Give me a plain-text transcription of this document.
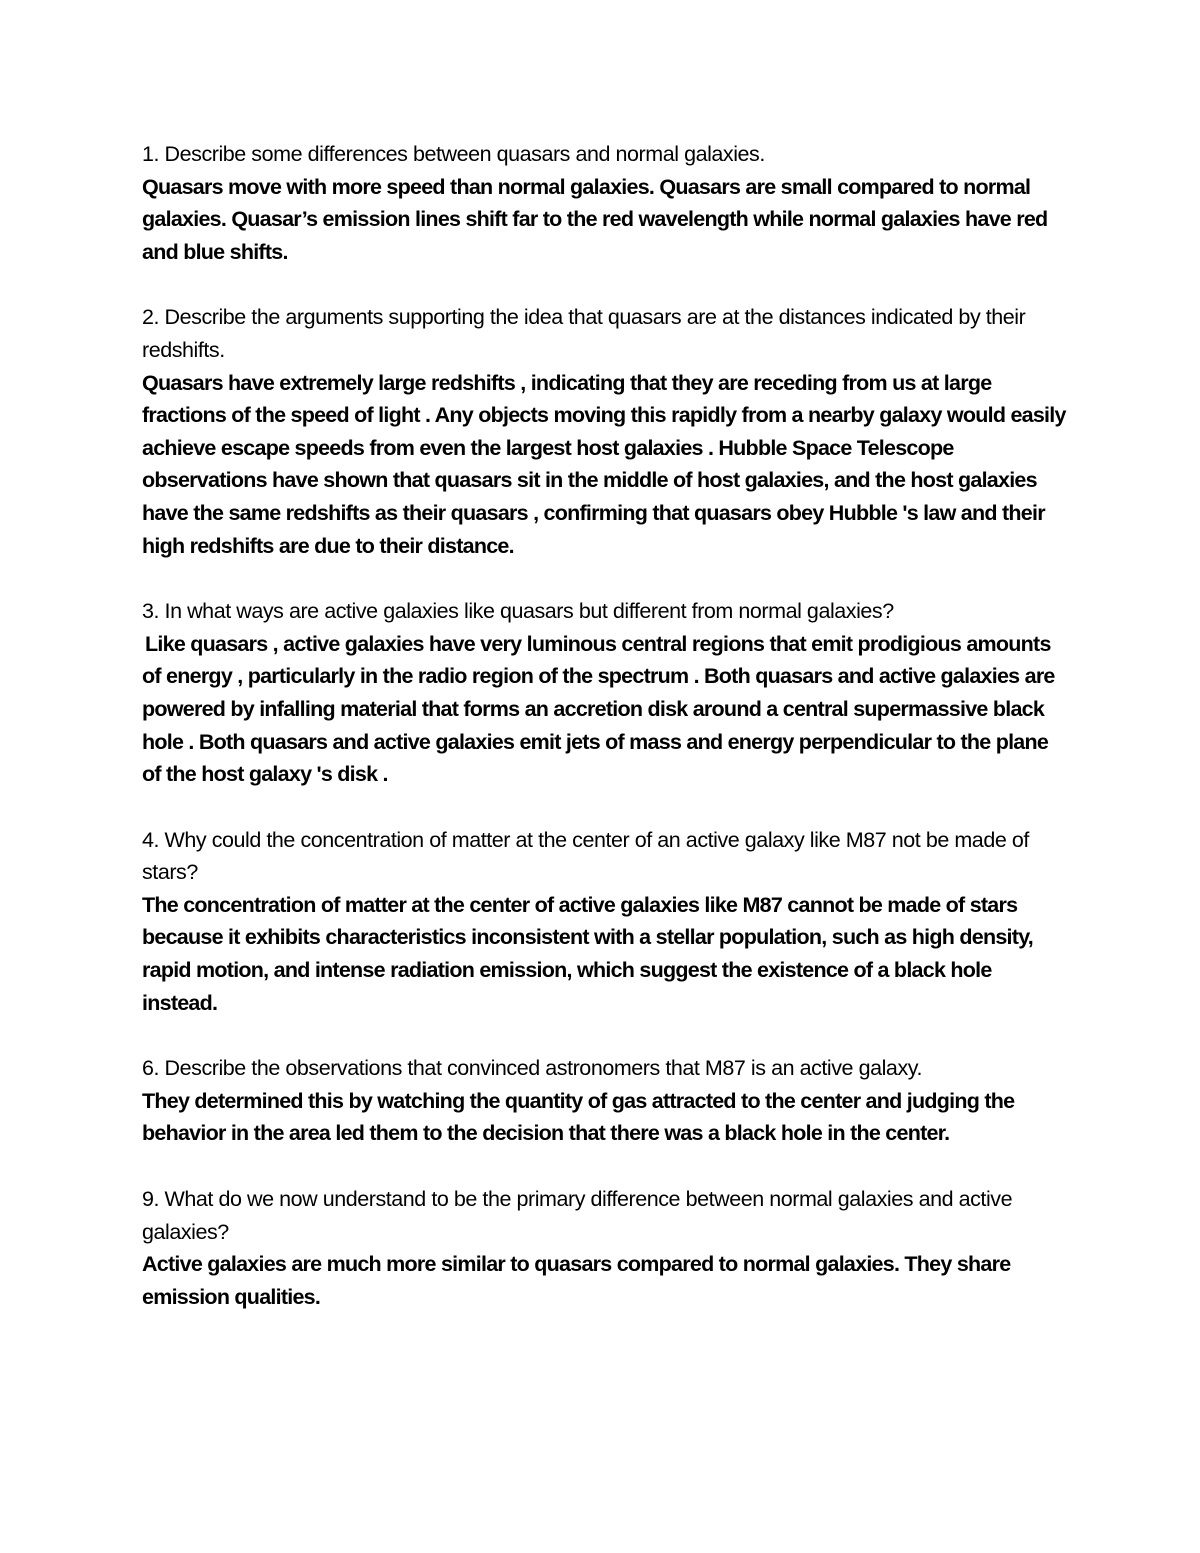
1. Describe some differences between quasars and normal galaxies.

Quasars move with more speed than normal galaxies. Quasars are small compared to normal galaxies. Quasar’s emission lines shift far to the red wavelength while normal galaxies have red and blue shifts.

2. Describe the arguments supporting the idea that quasars are at the distances indicated by their redshifts.

Quasars have extremely large redshifts , indicating that they are receding from us at large fractions of the speed of light . Any objects moving this rapidly from a nearby galaxy would easily achieve escape speeds from even the largest host galaxies . Hubble Space Telescope observations have shown that quasars sit in the middle of host galaxies, and the host galaxies have the same redshifts as their quasars , confirming that quasars obey Hubble 's law and their high redshifts are due to their distance.

3. In what ways are active galaxies like quasars but different from normal galaxies?

Like quasars , active galaxies have very luminous central regions that emit prodigious amounts of energy , particularly in the radio region of the spectrum . Both quasars and active galaxies are powered by infalling material that forms an accretion disk around a central supermassive black hole . Both quasars and active galaxies emit jets of mass and energy perpendicular to the plane of the host galaxy 's disk .

4. Why could the concentration of matter at the center of an active galaxy like M87 not be made of stars?

The concentration of matter at the center of active galaxies like M87 cannot be made of stars because it exhibits characteristics inconsistent with a stellar population, such as high density, rapid motion, and intense radiation emission, which suggest the existence of a black hole instead.

6. Describe the observations that convinced astronomers that M87 is an active galaxy.

They determined this by watching the quantity of gas attracted to the center and judging the behavior in the area led them to the decision that there was a black hole in the center.

9. What do we now understand to be the primary difference between normal galaxies and active galaxies?

Active galaxies are much more similar to quasars compared to normal galaxies. They share emission qualities.
